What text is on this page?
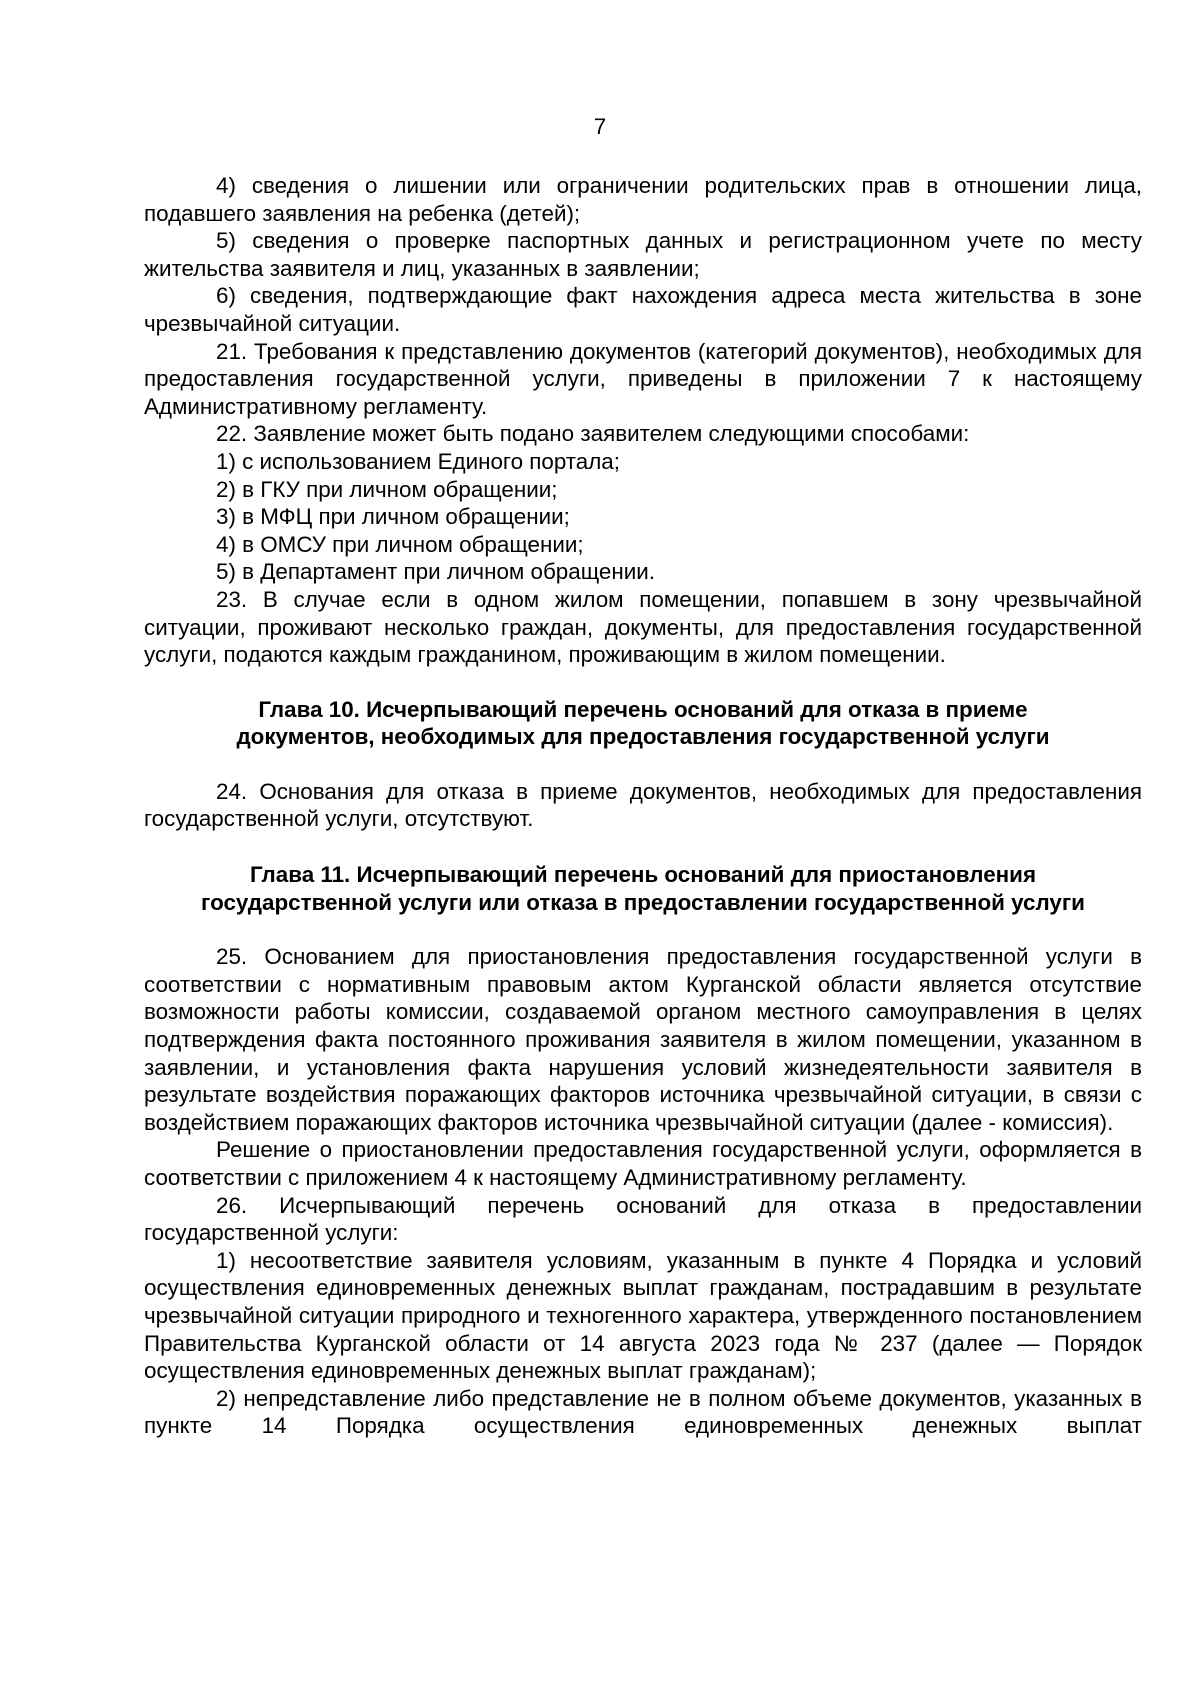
7

4) сведения о лишении или ограничении родительских прав в отношении лица, подавшего заявления на ребенка (детей);

5) сведения о проверке паспортных данных и регистрационном учете по месту жительства заявителя и лиц, указанных в заявлении;

6) сведения, подтверждающие факт нахождения адреса места жительства в зоне чрезвычайной ситуации.

21. Требования к представлению документов (категорий документов), необходимых для предоставления государственной услуги, приведены в приложении 7 к настоящему Административному регламенту.

22. Заявление может быть подано заявителем следующими способами:

1) с использованием Единого портала;

2) в ГКУ при личном обращении;

3) в МФЦ при личном обращении;

4) в ОМСУ при личном обращении;

5) в Департамент при личном обращении.

23. В случае если в одном жилом помещении, попавшем в зону чрезвычайной ситуации, проживают несколько граждан, документы, для предоставления государственной услуги, подаются каждым гражданином, проживающим в жилом помещении.

Глава 10. Исчерпывающий перечень оснований для отказа в приеме
документов, необходимых для предоставления государственной услуги

24. Основания для отказа в приеме документов, необходимых для предоставления государственной услуги, отсутствуют.

Глава 11. Исчерпывающий перечень оснований для приостановления
государственной услуги или отказа в предоставлении государственной услуги

25. Основанием для приостановления предоставления государственной услуги в соответствии с нормативным правовым актом Курганской области является отсутствие возможности работы комиссии, создаваемой органом местного самоуправления в целях подтверждения факта постоянного проживания заявителя в жилом помещении, указанном в заявлении, и установления факта нарушения условий жизнедеятельности заявителя в результате воздействия поражающих факторов источника чрезвычайной ситуации, в связи с воздействием поражающих факторов источника чрезвычайной ситуации (далее - комиссия).

Решение о приостановлении предоставления государственной услуги, оформляется в соответствии с приложением 4 к настоящему Административному регламенту.

26. Исчерпывающий перечень оснований для отказа в предоставлении государственной услуги:

1) несоответствие заявителя условиям, указанным в пункте 4 Порядка и условий осуществления единовременных денежных выплат гражданам, пострадавшим в результате чрезвычайной ситуации природного и техногенного характера, утвержденного постановлением Правительства Курганской области от 14 августа 2023 года № 237 (далее — Порядок осуществления единовременных денежных выплат гражданам);

2) непредставление либо представление не в полном объеме документов, указанных в пункте 14 Порядка осуществления единовременных денежных выплат
